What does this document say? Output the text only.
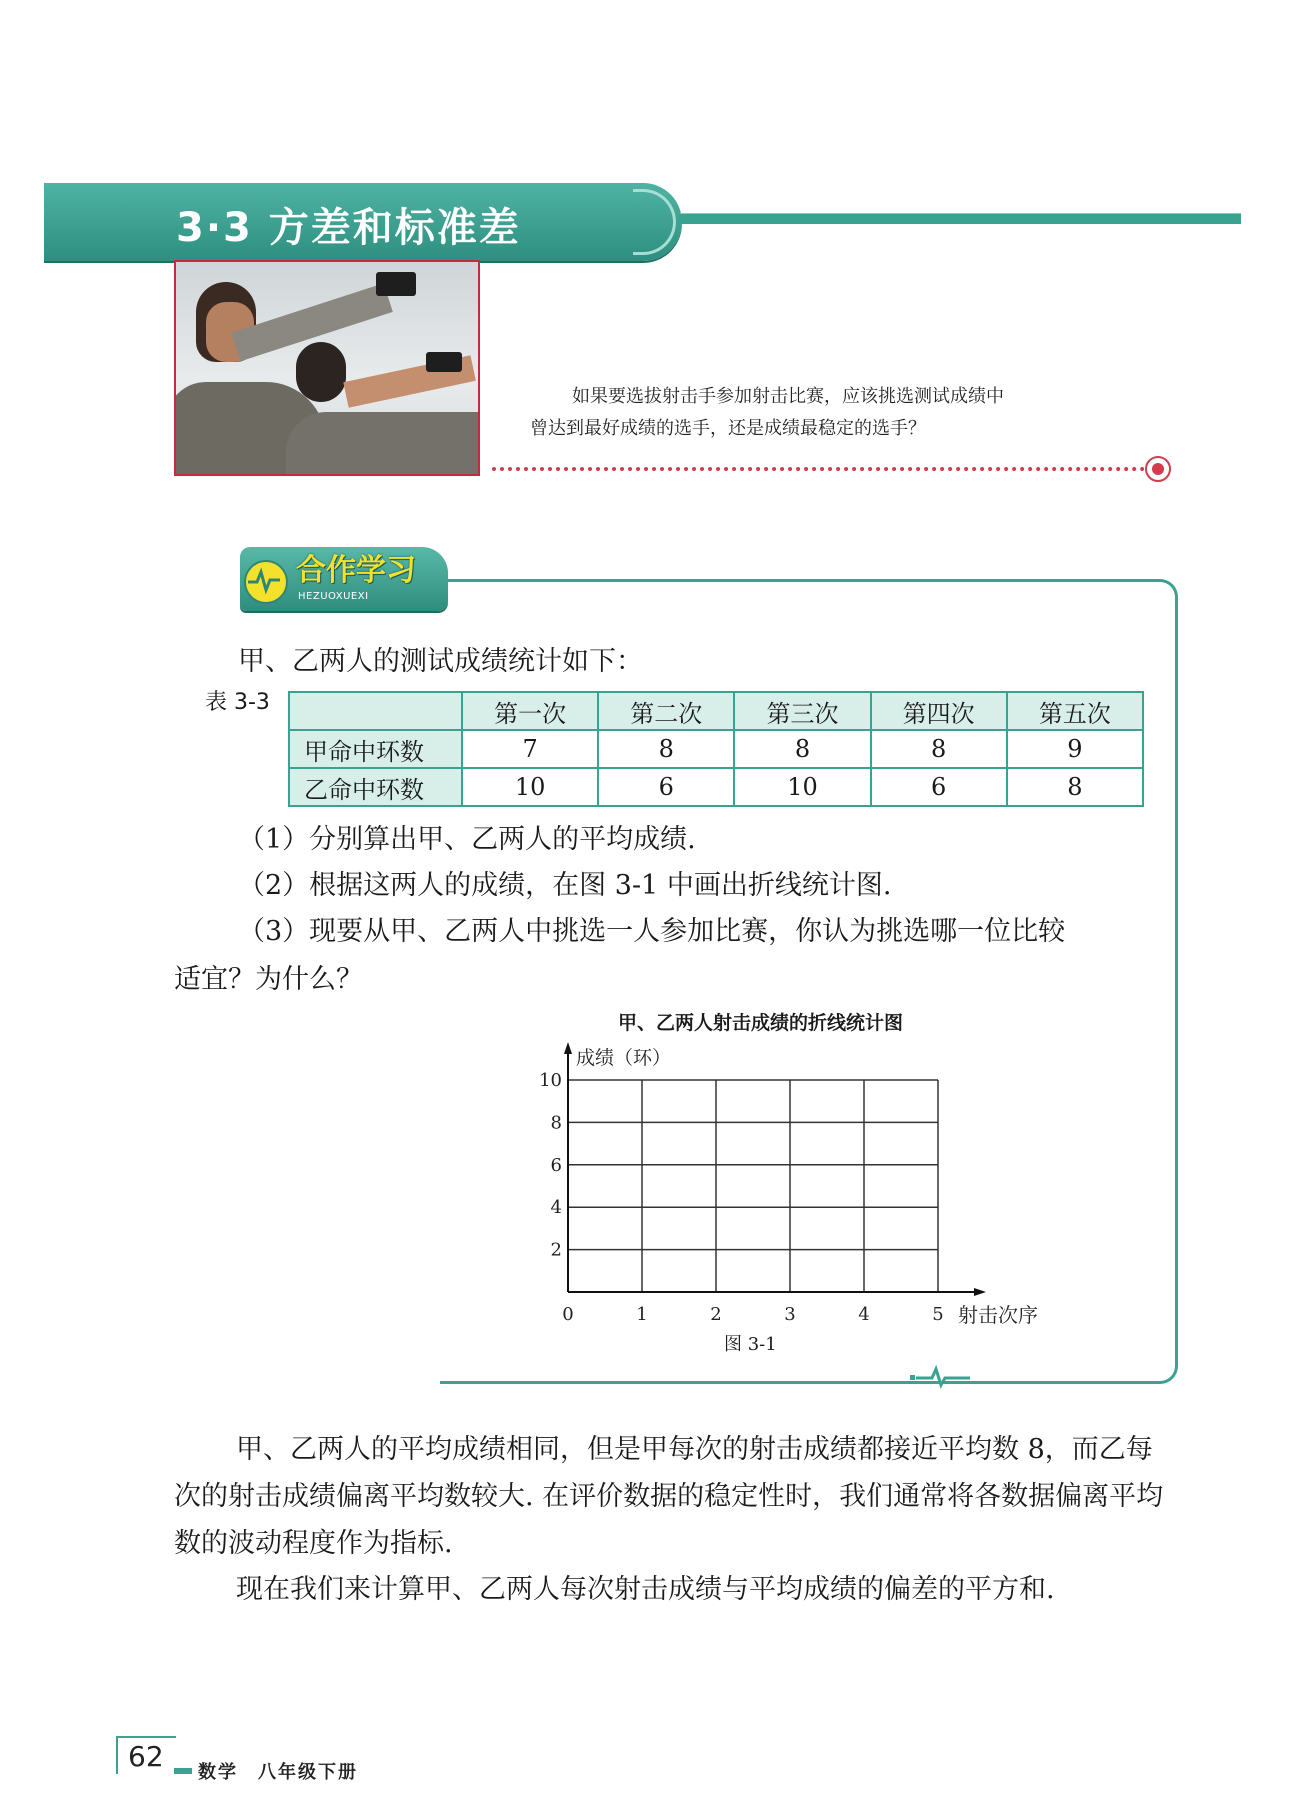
3·3 方差和标准差
如果要选拔射击手参加射击比赛，应该挑选测试成绩中
曾达到最好成绩的选手，还是成绩最稳定的选手？
合作学习
HEZUOXUEXI
甲、乙两人的测试成绩统计如下：
表 3-3
		第一次	第二次	第三次	第四次	第五次
甲命中环数	7	8	8	8	9
乙命中环数	10	6	10	6	8
（1）分别算出甲、乙两人的平均成绩.
（2）根据这两人的成绩，在图 3-1 中画出折线统计图.
（3）现要从甲、乙两人中挑选一人参加比赛，你认为挑选哪一位比较
适宜？为什么？
甲、乙两人射击成绩的折线统计图
0	1	2	3	4	5
2
4
6
8
10
射击次序
成绩（环）
图 3-1
甲、乙两人的平均成绩相同，但是甲每次的射击成绩都接近平均数 8，而乙每次的射击成绩偏离平均数较大. 在评价数据的稳定性时，我们通常将各数据偏离平均数的波动程度作为指标.
现在我们来计算甲、乙两人每次射击成绩与平均成绩的偏差的平方和.
62 数学　八年级下册
